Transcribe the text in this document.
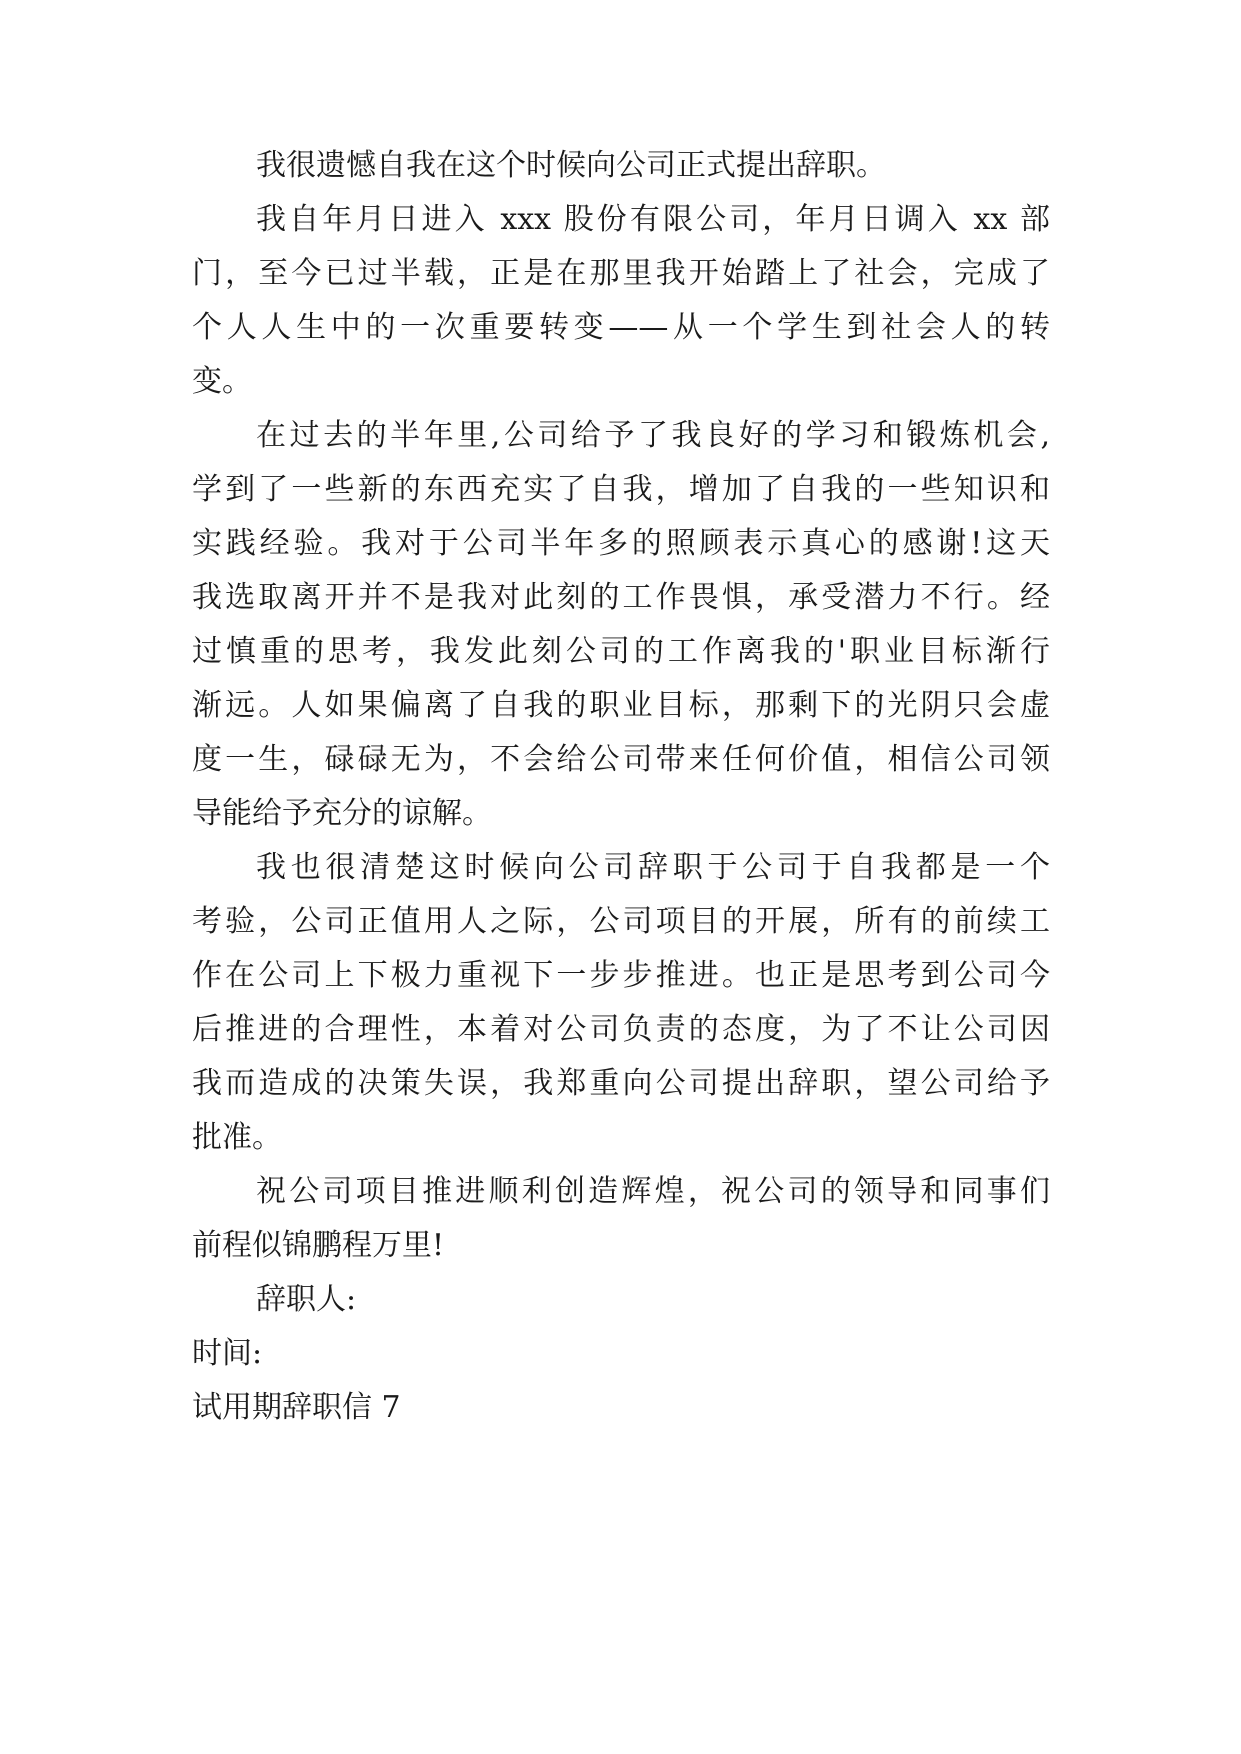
我很遗憾自我在这个时候向公司正式提出辞职。
我自年月日进入 xxx 股份有限公司，年月日调入 xx 部
门，至今已过半载，正是在那里我开始踏上了社会，完成了
个人人生中的一次重要转变——从一个学生到社会人的转
变。
在过去的半年里,公司给予了我良好的学习和锻炼机会,
学到了一些新的东西充实了自我，增加了自我的一些知识和
实践经验。我对于公司半年多的照顾表示真心的感谢!这天
我选取离开并不是我对此刻的工作畏惧，承受潜力不行。经
过慎重的思考，我发此刻公司的工作离我的'职业目标渐行
渐远。人如果偏离了自我的职业目标，那剩下的光阴只会虚
度一生，碌碌无为，不会给公司带来任何价值，相信公司领
导能给予充分的谅解。
我也很清楚这时候向公司辞职于公司于自我都是一个
考验，公司正值用人之际，公司项目的开展，所有的前续工
作在公司上下极力重视下一步步推进。也正是思考到公司今
后推进的合理性，本着对公司负责的态度，为了不让公司因
我而造成的决策失误，我郑重向公司提出辞职，望公司给予
批准。
祝公司项目推进顺利创造辉煌，祝公司的领导和同事们
前程似锦鹏程万里!
辞职人:
时间:
试用期辞职信 7
